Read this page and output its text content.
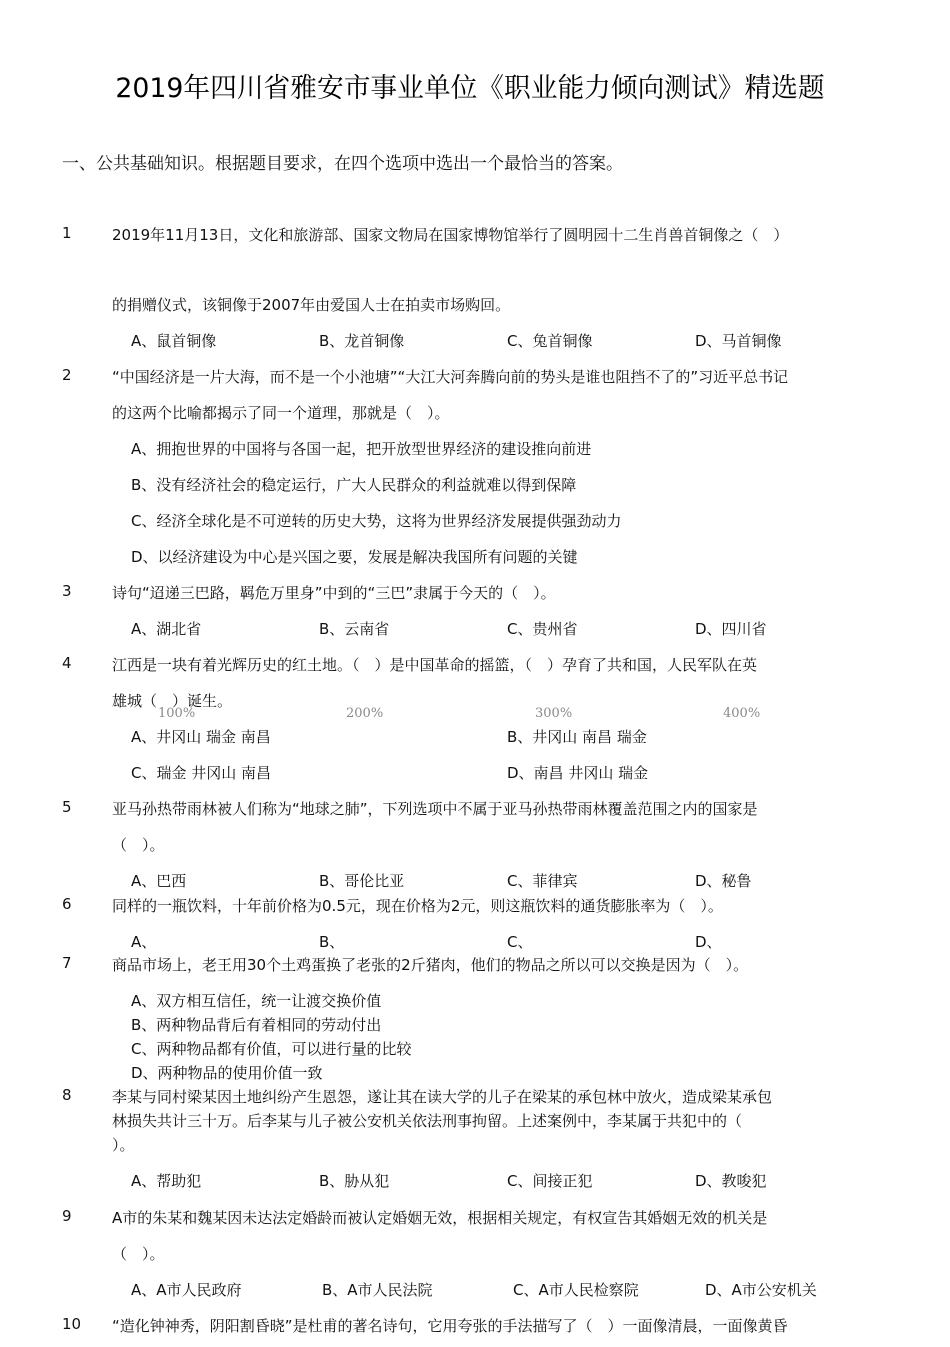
2019年四川省雅安市事业单位《职业能力倾向测试》精选题
一、公共基础知识。根据题目要求，在四个选项中选出一个最恰当的答案。
1	2019年11月13日，文化和旅游部、国家文物局在国家博物馆举行了圆明园十二生肖兽首铜像之（　）
的捐赠仪式，该铜像于2007年由爱国人士在拍卖市场购回。
A、鼠首铜像	B、龙首铜像	C、兔首铜像	D、马首铜像
2	“中国经济是一片大海，而不是一个小池塘”“大江大河奔腾向前的势头是谁也阻挡不了的”习近平总书记
的这两个比喻都揭示了同一个道理，那就是（　）。
A、拥抱世界的中国将与各国一起，把开放型世界经济的建设推向前进
B、没有经济社会的稳定运行，广大人民群众的利益就难以得到保障
C、经济全球化是不可逆转的历史大势，这将为世界经济发展提供强劲动力
D、以经济建设为中心是兴国之要，发展是解决我国所有问题的关键
3	诗句“迢递三巴路，羁危万里身”中到的“三巴”隶属于今天的（　）。
A、湖北省	B、云南省	C、贵州省	D、四川省
4	江西是一块有着光辉历史的红土地。（　）是中国革命的摇篮，（　）孕育了共和国，人民军队在英
雄城（　）诞生。
100%	200%	300%	400%
A、井冈山 瑞金 南昌	B、井冈山 南昌 瑞金
C、瑞金 井冈山 南昌	D、南昌 井冈山 瑞金
5	亚马孙热带雨林被人们称为“地球之肺”，下列选项中不属于亚马孙热带雨林覆盖范围之内的国家是
（　）。
A、巴西	B、哥伦比亚	C、菲律宾	D、秘鲁
6	同样的一瓶饮料，十年前价格为0.5元，现在价格为2元，则这瓶饮料的通货膨胀率为（　）。
A、	B、	C、	D、
7	商品市场上，老王用30个土鸡蛋换了老张的2斤猪肉，他们的物品之所以可以交换是因为（　）。
A、双方相互信任，统一让渡交换价值
B、两种物品背后有着相同的劳动付出
C、两种物品都有价值，可以进行量的比较
D、两种物品的使用价值一致
8	李某与同村梁某因土地纠纷产生恩怨，遂让其在读大学的儿子在梁某的承包林中放火，造成梁某承包
林损失共计三十万。后李某与儿子被公安机关依法刑事拘留。上述案例中，李某属于共犯中的（
）。
A、帮助犯	B、胁从犯	C、间接正犯	D、教唆犯
9	A市的朱某和魏某因未达法定婚龄而被认定婚姻无效，根据相关规定，有权宣告其婚姻无效的机关是
（　）。
A、A市人民政府	B、A市人民法院	C、A市人民检察院	D、A市公安机关
10 “造化钟神秀，阴阳割昏晓”是杜甫的著名诗句，它用夸张的手法描写了（　）一面像清晨，一面像黄昏
